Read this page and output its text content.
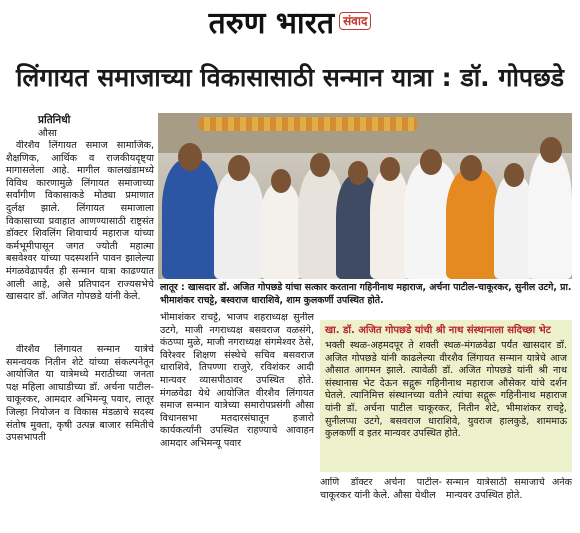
तरुण भारत संवाद
लिंगायत समाजाच्या विकासासाठी सन्मान यात्रा : डॉ. गोपछडे
प्रतिनिधी
औसा

वीरशैव लिंगायत समाज सामाजिक, शैक्षणिक, आर्थिक व राजकीयदृष्ट्या मागासलेला आहे. मागील कालखंडामध्ये विविध कारणामुळे लिंगायत समाजाच्या सर्वांगीण विकासाकडे मोठ्या प्रमाणात दुर्लक्ष झाले. लिंगायत समाजाला विकासाच्या प्रवाहात आणण्यासाठी राष्ट्रसंत डॉक्टर शिवलिंग शिवाचार्य महाराज यांच्या कर्मभूमीपासून जगत ज्योती महात्मा बसवेश्वर यांच्या पदस्पर्शाने पावन झालेल्या मंगळवेढापर्यंत ही सन्मान यात्रा काढण्यात आली आहे, असे प्रतिपादन राज्यसभेचे खासदार डॉ. अजित गोपछडे यांनी केले.

वीरशैव लिंगायत सन्मान यात्रेचे समन्वयक नितीन शेटे यांच्या संकल्पनेतून आयोजित या यात्रेमध्ये मराठीच्या जनता पक्ष महिला आघाडीच्या डॉ. अर्चना पाटील-चाकूरकर, आमदार अभिमन्यू पवार, लातूर जिल्हा नियोजन व विकास मंडळाचे सदस्य संतोष मुक्ता, कृषी उत्पन्न बाजार समितीचे उपसभापती

लातूर : खासदार डॉ. अजित गोपछडे यांचा सत्कार करताना गहिनीनाथ महाराज, अर्चना पाटील-चाकूरकर, सुनील उटगे, प्रा. भीमाशंकर राचट्टे, बस्वराज धाराशिवे, शाम कुलकर्णी उपस्थित होते.

भीमाशंकर राचट्टे, भाजप शहराध्यक्ष सुनील उटगे, माजी नगराध्यक्ष बसवराज वळसंगे, कंठप्पा मुळे, माजी नगराध्यक्ष संगमेश्वर ठेसे, विरेश्वर शिक्षण संस्थेचे सचिव बसवराज धाराशिवे, तिपण्णा राजुरे, रविशंकर आदी मान्यवर व्यासपीठावर उपस्थित होते. मंगळवेढा येथे आयोजित वीरशैव लिंगायत समाज सन्मान यात्रेच्या समारोपप्रसंगी औसा विधानसभा मतदारसंघातून हजारो कार्यकर्त्यांनी उपस्थित राहण्याचे आवाहन आमदार अभिमन्यू पवार

खा. डॉ. अजित गोपछडे यांची श्री नाथ संस्थानाला सदिच्छा भेट
भक्ती स्थळ-अहमदपूर ते शक्ती स्थळ-मंगळवेढा पर्यंत खासदार डॉ. अजित गोपछडे यांनी काढलेल्या वीरशैव लिंगायत सन्मान यात्रेचे आज औसात आगमन झाले. त्यावेळी डॉ. अजित गोपछडे यांनी श्री नाथ संस्थानास भेट देऊन सद्गुरू गहिनीनाथ महाराज औसेकर यांचे दर्शन घेतले. त्यानिमित्त संस्थानच्या वतीने त्यांचा सद्गुरू गहिनीनाथ महाराज यांनी डॉ. अर्चना पाटील चाकूरकर, नितीन शेटे, भीमाशंकर राचट्टे, सुनीलप्पा उटगे, बसवराज धाराशिवे, युवराज हालकुडे, शाममाऊ कुलकर्णी व इतर मान्यवर उपस्थित होते.

आणि डॉक्टर अर्चना पाटील-चाकूरकर यांनी केले. औसा येथील

सन्मान यात्रेसाठी समाजाचे अनेक मान्यवर उपस्थित होते.
